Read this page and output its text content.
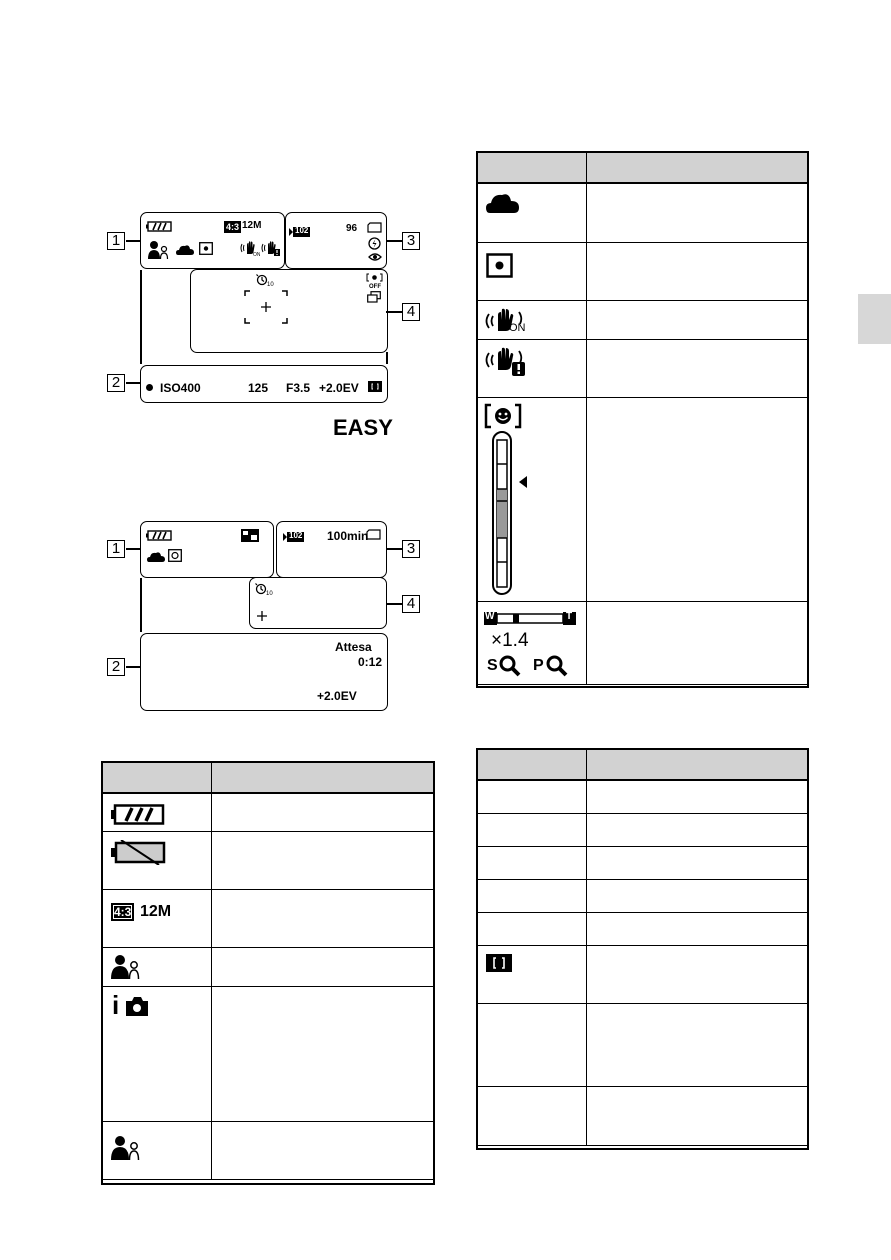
1
2
3
4
4:3 12M
ON
102	96
10	OFF
ISO400	125 F3.5 +2.0EV
EASY
1
2
3
4
102 100min
10
Attesa
0:12
+2.0EV

4:3 12M	

i	

ON	

W T
×1.4
S P	
